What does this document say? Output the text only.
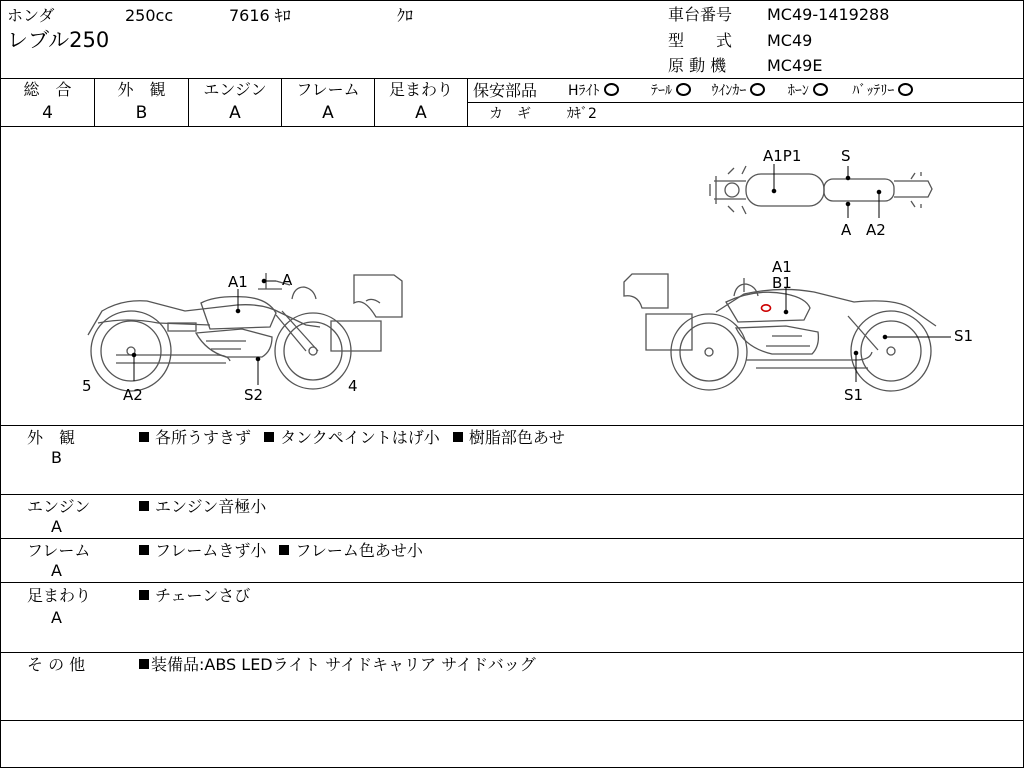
ホンダ	250cc	7616 ｷﾛ	ｸﾛ
レブル250
車台番号 MC49-1419288
型　　式 MC49
原 動 機	MC49E
総　合
4
外　観
B
エンジン
A
フレーム
A
足まわり
A
保安部品 Hﾗｲﾄ	ﾃｰﾙ	ｳｲﾝｶｰ	ﾎｰﾝ	ﾊﾞｯﾃﾘｰ
カ　ギ	ｶｷﾞ2
A1P1	S
A A2
A1 A
5 A2	S2	4
A1
B1
S1
S1
外　観
B
各所うすきず タンクペイントはげ小 樹脂部色あせ
エンジン
A
エンジン音極小
フレーム
A
フレームきず小 フレーム色あせ小
足まわり
A
チェーンさび
そ の 他	装備品:ABS LEDライト サイドキャリア サイドバッグ
